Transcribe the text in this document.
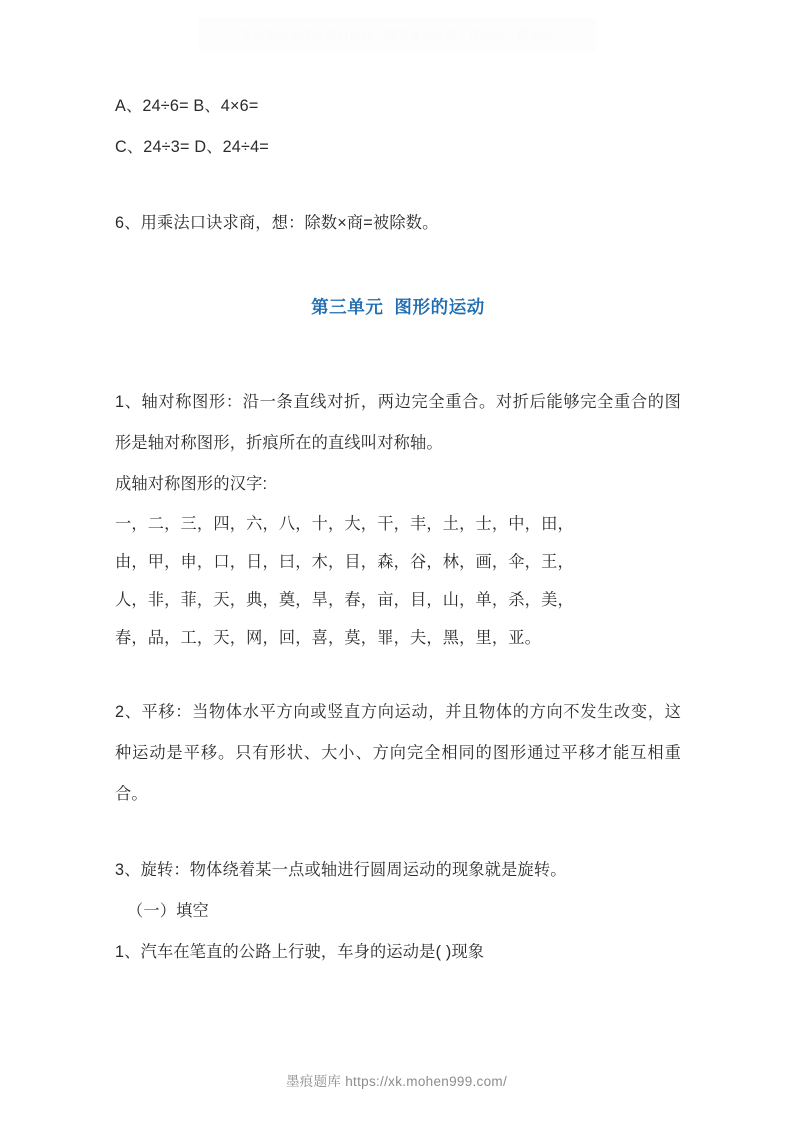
墨痕题库更多资料请访问，期末复习资料，单元卷，期中卷
A、24÷6= B、4×6=
C、24÷3= D、24÷4=
6、用乘法口诀求商，想：除数×商=被除数。
第三单元  图形的运动
1、轴对称图形：沿一条直线对折，两边完全重合。对折后能够完全重合的图形是轴对称图形，折痕所在的直线叫对称轴。
成轴对称图形的汉字:
一，二，三，四，六，八，十，大，干，丰，土，士，中，田，
由，甲，申，口，日，曰，木，目，森，谷，林，画，伞，王，
人，非，菲，天，典，奠，旱，春，亩，目，山，单，杀，美，
春，品，工，天，网，回，喜，莫，罪，夫，黑，里，亚。
2、平移：当物体水平方向或竖直方向运动，并且物体的方向不发生改变，这种运动是平移。只有形状、大小、方向完全相同的图形通过平移才能互相重合。
3、旋转：物体绕着某一点或轴进行圆周运动的现象就是旋转。
（一）填空
1、汽车在笔直的公路上行驶，车身的运动是( )现象
墨痕题库 https://xk.mohen999.com/
